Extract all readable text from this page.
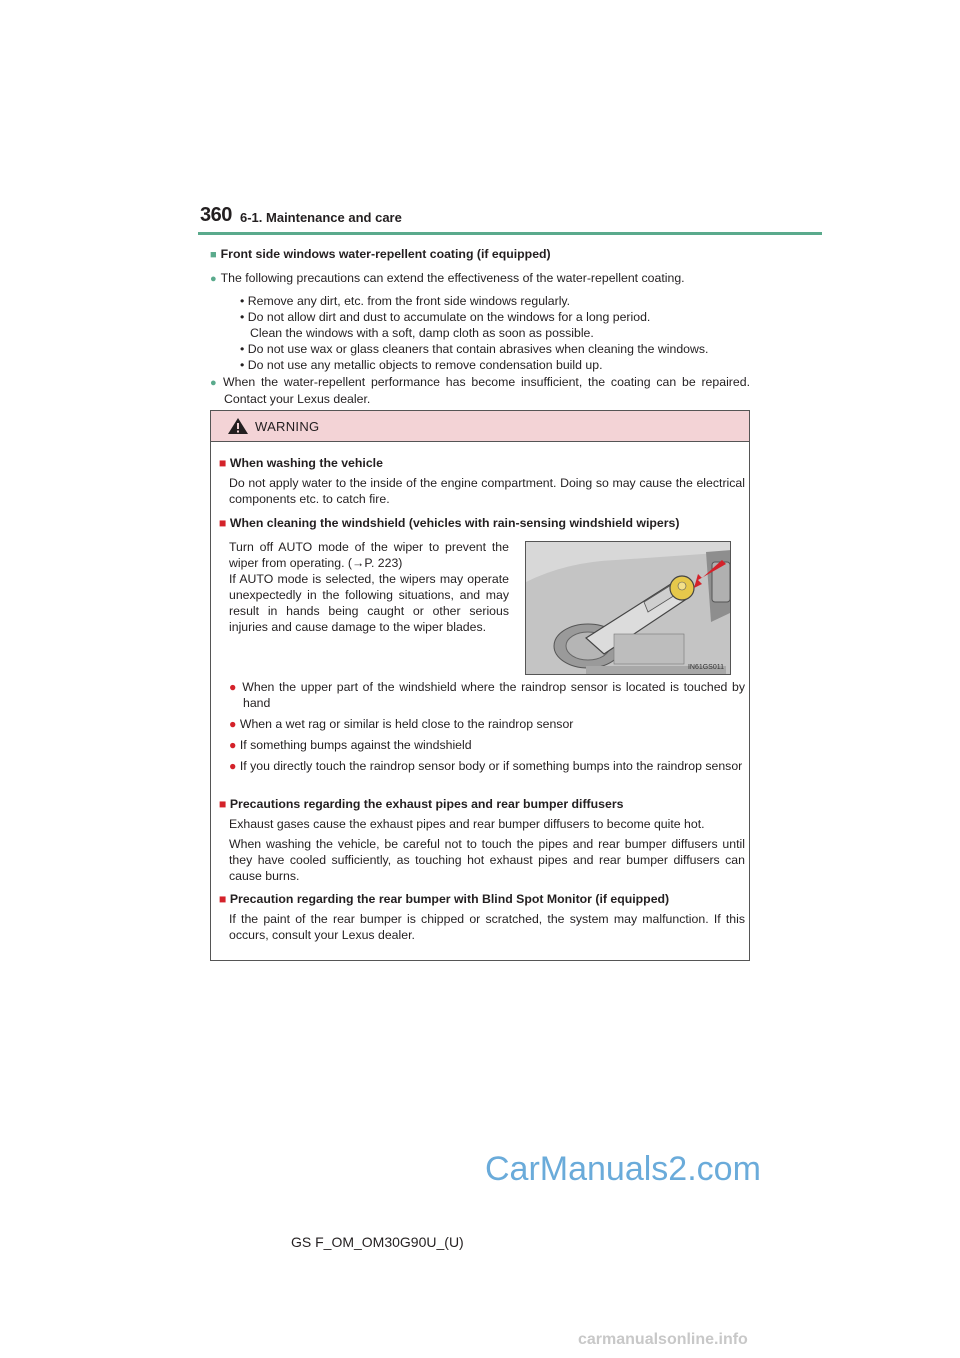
360 6-1. Maintenance and care
■ Front side windows water-repellent coating (if equipped)
● The following precautions can extend the effectiveness of the water-repellent coating.
• Remove any dirt, etc. from the front side windows regularly.
• Do not allow dirt and dust to accumulate on the windows for a long period.
Clean the windows with a soft, damp cloth as soon as possible.
• Do not use wax or glass cleaners that contain abrasives when cleaning the windows.
• Do not use any metallic objects to remove condensation build up.
● When the water-repellent performance has become insufficient, the coating can be repaired. Contact your Lexus dealer.
WARNING
■ When washing the vehicle
Do not apply water to the inside of the engine compartment. Doing so may cause the electrical components etc. to catch fire.
■ When cleaning the windshield (vehicles with rain-sensing windshield wipers)
Turn off AUTO mode of the wiper to prevent the wiper from operating. (→P. 223)
If AUTO mode is selected, the wipers may operate unexpectedly in the following situations, and may result in hands being caught or other serious injuries and cause damage to the wiper blades.
IN61GS011
● When the upper part of the windshield where the raindrop sensor is located is touched by hand
● When a wet rag or similar is held close to the raindrop sensor
● If something bumps against the windshield
● If you directly touch the raindrop sensor body or if something bumps into the raindrop sensor
■ Precautions regarding the exhaust pipes and rear bumper diffusers
Exhaust gases cause the exhaust pipes and rear bumper diffusers to become quite hot.
When washing the vehicle, be careful not to touch the pipes and rear bumper diffusers until they have cooled sufficiently, as touching hot exhaust pipes and rear bumper diffusers can cause burns.
■ Precaution regarding the rear bumper with Blind Spot Monitor (if equipped)
If the paint of the rear bumper is chipped or scratched, the system may malfunction. If this occurs, consult your Lexus dealer.
CarManuals2.com
GS F_OM_OM30G90U_(U)
carmanualsonline.info
